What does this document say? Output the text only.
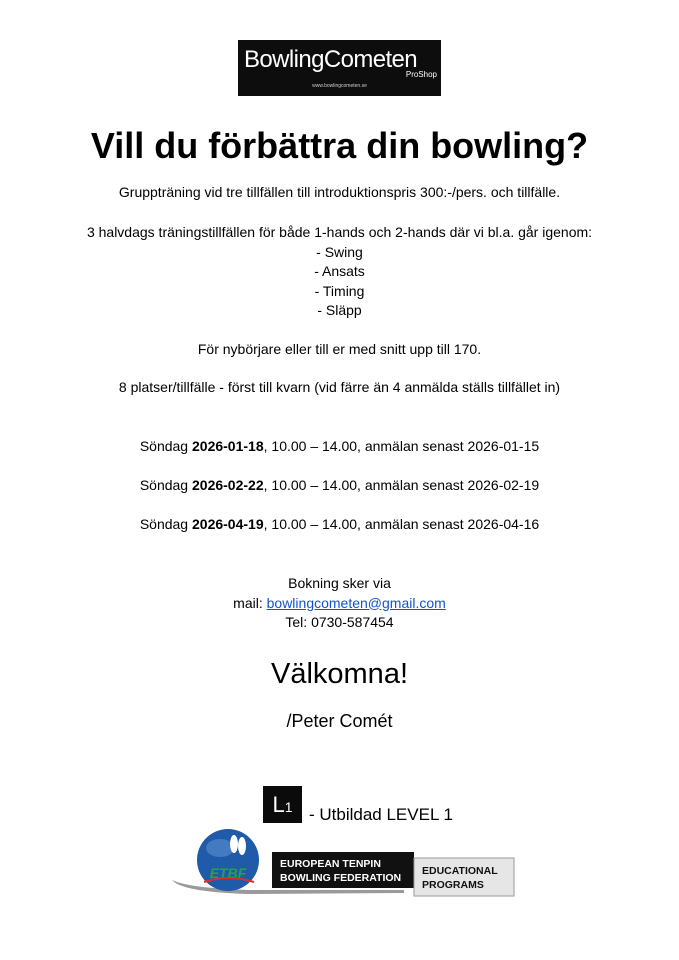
BowlingCometen
ProShop
www.bowlingcometen.se
Vill du förbättra din bowling?

Gruppträning vid tre tillfällen till introduktionspris 300:-/pers. och tillfälle.

3 halvdags träningstillfällen för både 1-hands och 2-hands där vi bl.a. går igenom:

- Swing

- Ansats

- Timing

- Släpp

För nybörjare eller till er med snitt upp till 170.

8 platser/tillfälle - först till kvarn (vid färre än 4 anmälda ställs tillfället in)

Söndag 2026-01-18, 10.00 – 14.00, anmälan senast 2026-01-15

Söndag 2026-02-22, 10.00 – 14.00, anmälan senast 2026-02-19

Söndag 2026-04-19, 10.00 – 14.00, anmälan senast 2026-04-16

Bokning sker via

mail: bowlingcometen@gmail.com

Tel: 0730-587454

Välkomna!
/Peter Comét
L1 - Utbildad LEVEL 1
ETBF
EUROPEAN TENPIN
BOWLING FEDERATION
EDUCATIONAL
PROGRAMS
